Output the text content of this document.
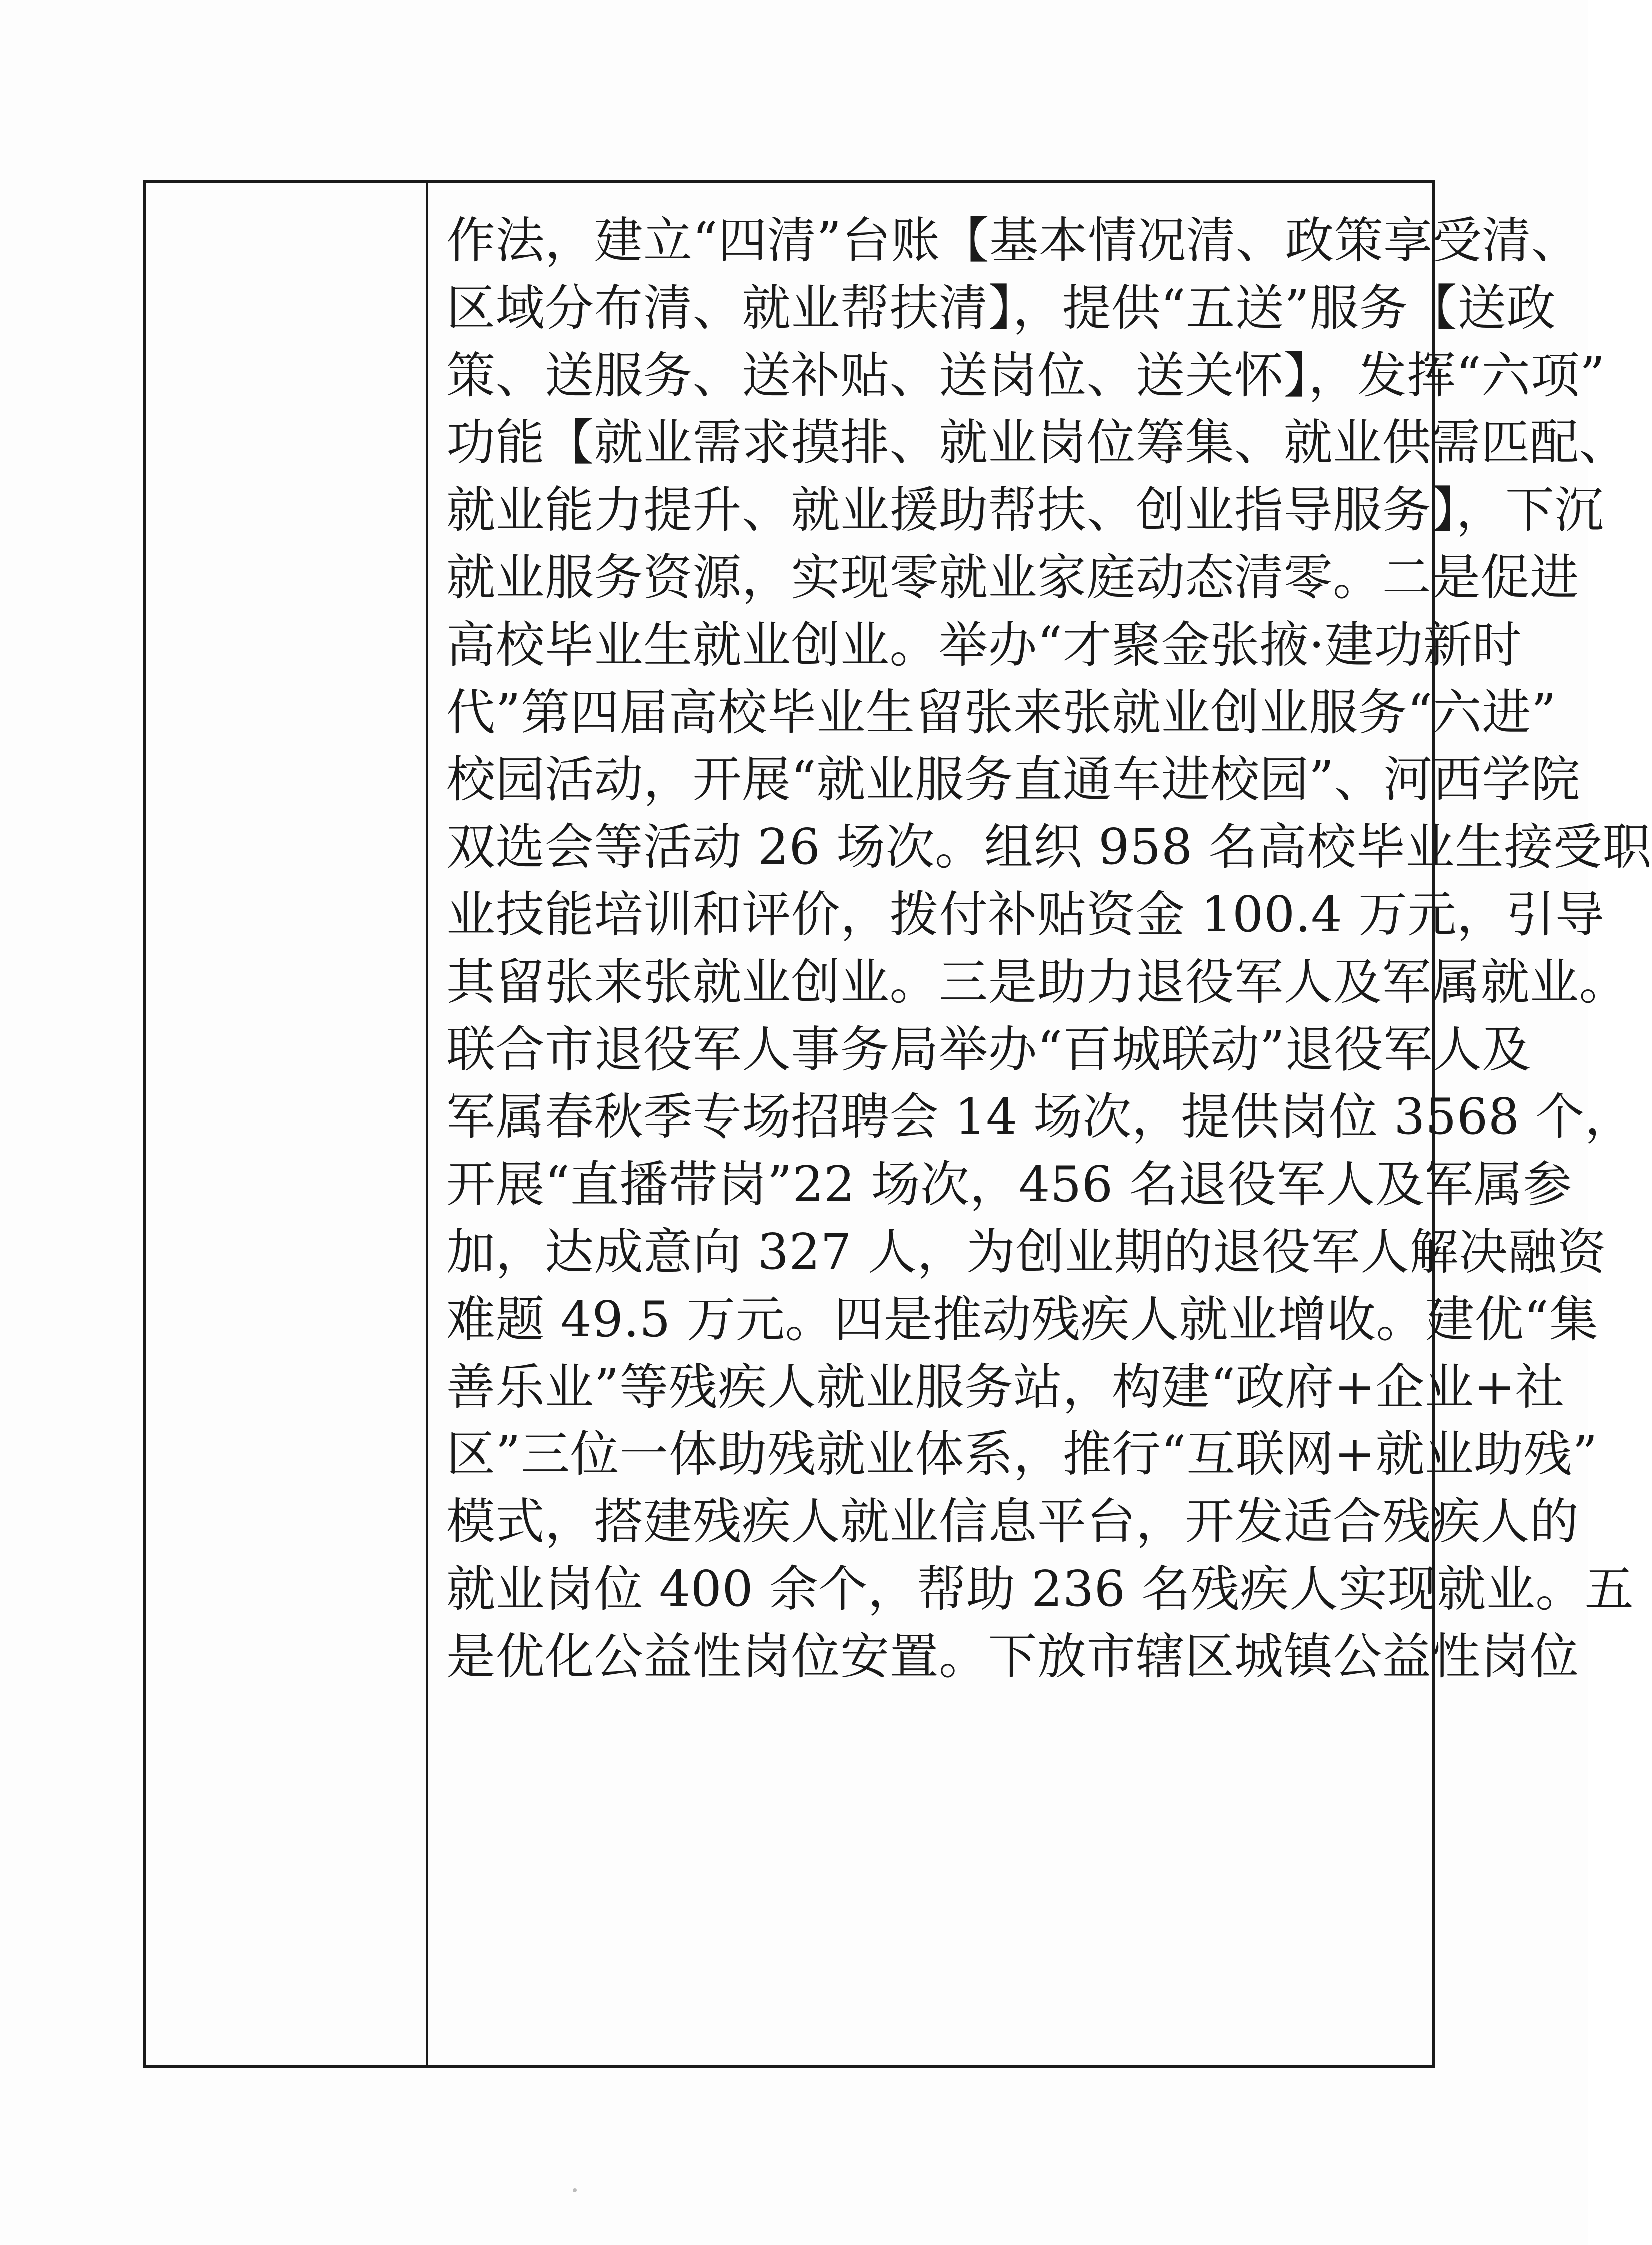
作法，建立“四清”台账【基本情况清、政策享受清、
区域分布清、就业帮扶清】，提供“五送”服务【送政
策、送服务、送补贴、送岗位、送关怀】，发挥“六项”
功能【就业需求摸排、就业岗位筹集、就业供需匹配、
就业能力提升、就业援助帮扶、创业指导服务】，下沉
就业服务资源，实现零就业家庭动态清零。二是促进
高校毕业生就业创业。举办“才聚金张掖·建功新时
代”第四届高校毕业生留张来张就业创业服务“六进”
校园活动，开展“就业服务直通车进校园”、河西学院
双选会等活动 26 场次。组织 958 名高校毕业生接受职
业技能培训和评价，拨付补贴资金 100.4 万元，引导
其留张来张就业创业。三是助力退役军人及军属就业。
联合市退役军人事务局举办“百城联动”退役军人及
军属春秋季专场招聘会 14 场次，提供岗位 3568 个，
开展“直播带岗”22 场次，456 名退役军人及军属参
加，达成意向 327 人，为创业期的退役军人解决融资
难题 49.5 万元。四是推动残疾人就业增收。建优“集
善乐业”等残疾人就业服务站，构建“政府+企业+社
区”三位一体助残就业体系，推行“互联网+就业助残”
模式，搭建残疾人就业信息平台，开发适合残疾人的
就业岗位 400 余个，帮助 236 名残疾人实现就业。五
是优化公益性岗位安置。下放市辖区城镇公益性岗位
